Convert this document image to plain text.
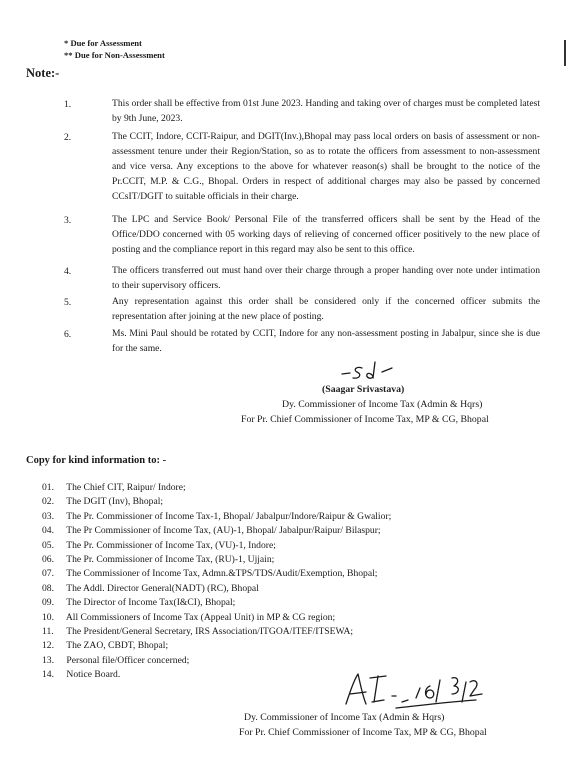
* Due for Assessment
** Due for Non-Assessment
Note:-
1.	This order shall be effective from 01st June 2023. Handing and taking over of charges must be completed latest by 9th June, 2023.
2.	The CCIT, Indore, CCIT-Raipur, and DGIT(Inv.),Bhopal may pass local orders on basis of assessment or non-assessment tenure under their Region/Station, so as to rotate the officers from assessment to non-assessment and vice versa. Any exceptions to the above for whatever reason(s) shall be brought to the notice of the Pr.CCIT, M.P. & C.G., Bhopal. Orders in respect of additional charges may also be passed by concerned CCsIT/DGIT to suitable officials in their charge.
3.	The LPC and Service Book/ Personal File of the transferred officers shall be sent by the Head of the Office/DDO concerned with 05 working days of relieving of concerned officer positively to the new place of posting and the compliance report in this regard may also be sent to this office.
4.	The officers transferred out must hand over their charge through a proper handing over note under intimation to their supervisory officers.
5.	Any representation against this order shall be considered only if the concerned officer submits the representation after joining at the new place of posting.
6.	Ms. Mini Paul should be rotated by CCIT, Indore for any non-assessment posting in Jabalpur, since she is due for the same.
(Saagar Srivastava)
Dy. Commissioner of Income Tax (Admin & Hqrs)
For Pr. Chief Commissioner of Income Tax, MP & CG, Bhopal
Copy for kind information to: -
01. The Chief CIT, Raipur/ Indore;
02. The DGIT (Inv), Bhopal;
03. The Pr. Commissioner of Income Tax-1, Bhopal/ Jabalpur/Indore/Raipur & Gwalior;
04. The Pr Commissioner of Income Tax, (AU)-1, Bhopal/ Jabalpur/Raipur/ Bilaspur;
05. The Pr. Commissioner of Income Tax, (VU)-1, Indore;
06. The Pr. Commissioner of Income Tax, (RU)-1, Ujjain;
07. The Commissioner of Income Tax, Admn.&TPS/TDS/Audit/Exemption, Bhopal;
08. The Addl. Director General(NADT) (RC), Bhopal
09. The Director of Income Tax(I&CI), Bhopal;
10. All Commissioners of Income Tax (Appeal Unit) in MP & CG region;
11. The President/General Secretary, IRS Association/ITGOA/ITEF/ITSEWA;
12. The ZAO, CBDT, Bhopal;
13. Personal file/Officer concerned;
14. Notice Board.
Dy. Commissioner of Income Tax (Admin & Hqrs)
For Pr. Chief Commissioner of Income Tax, MP & CG, Bhopal
